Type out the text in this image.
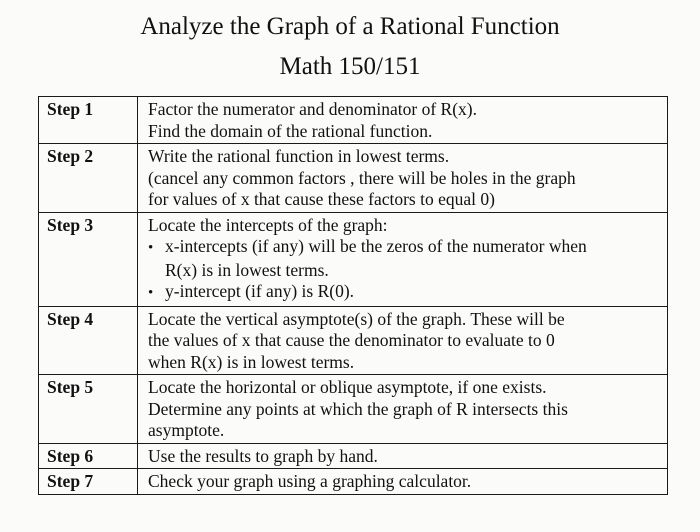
Analyze the Graph of a Rational Function
Math 150/151
Step 1	Factor the numerator and denominator of R(x).
Find the domain of the rational function.

Step 2	Write the rational function in lowest terms.
(cancel any common factors , there will be holes in the graph
for values of x that cause these factors to equal 0)

Step 3	Locate the intercepts of the graph:
• x-intercepts (if any) will be the zeros of the numerator when
R(x) is in lowest terms.
• y-intercept (if any) is R(0).

Step 4	Locate the vertical asymptote(s) of the graph. These will be
the values of x that cause the denominator to evaluate to 0
when R(x) is in lowest terms.

Step 5	Locate the horizontal or oblique asymptote, if one exists.
Determine any points at which the graph of R intersects this
asymptote.

Step 6	Use the results to graph by hand.

Step 7	Check your graph using a graphing calculator.
